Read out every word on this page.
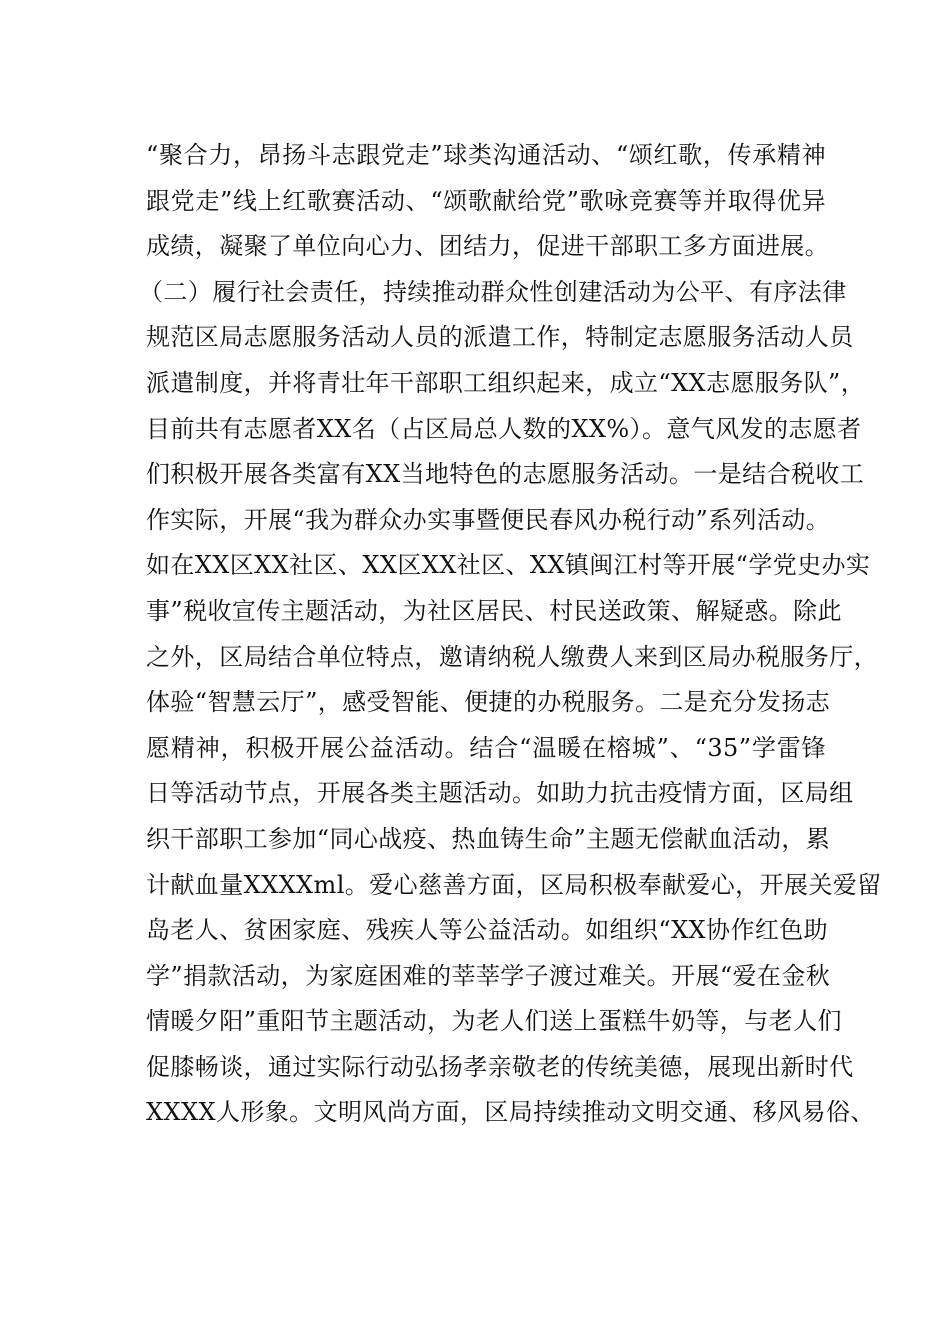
“聚合力，昂扬斗志跟党走”球类沟通活动、“颂红歌，传承精神
跟党走”线上红歌赛活动、“颂歌献给党”歌咏竞赛等并取得优异
成绩，凝聚了单位向心力、团结力，促进干部职工多方面进展。
（二）履行社会责任，持续推动群众性创建活动为公平、有序法律
规范区局志愿服务活动人员的派遣工作，特制定志愿服务活动人员
派遣制度，并将青壮年干部职工组织起来，成立“XX志愿服务队”，
目前共有志愿者XX名（占区局总人数的XX%）。意气风发的志愿者
们积极开展各类富有XX当地特色的志愿服务活动。一是结合税收工
作实际，开展“我为群众办实事暨便民春风办税行动”系列活动。
如在XX区XX社区、XX区XX社区、XX镇闽江村等开展“学党史办实
事”税收宣传主题活动，为社区居民、村民送政策、解疑惑。除此
之外，区局结合单位特点，邀请纳税人缴费人来到区局办税服务厅，
体验“智慧云厅”，感受智能、便捷的办税服务。二是充分发扬志
愿精神，积极开展公益活动。结合“温暖在榕城”、“35”学雷锋
日等活动节点，开展各类主题活动。如助力抗击疫情方面，区局组
织干部职工参加“同心战疫、热血铸生命”主题无偿献血活动，累
计献血量XXXXml。爱心慈善方面，区局积极奉献爱心，开展关爱留
岛老人、贫困家庭、残疾人等公益活动。如组织“XX协作红色助
学”捐款活动，为家庭困难的莘莘学子渡过难关。开展“爱在金秋
情暖夕阳”重阳节主题活动，为老人们送上蛋糕牛奶等，与老人们
促膝畅谈，通过实际行动弘扬孝亲敬老的传统美德，展现出新时代
XXXX人形象。文明风尚方面，区局持续推动文明交通、移风易俗、
